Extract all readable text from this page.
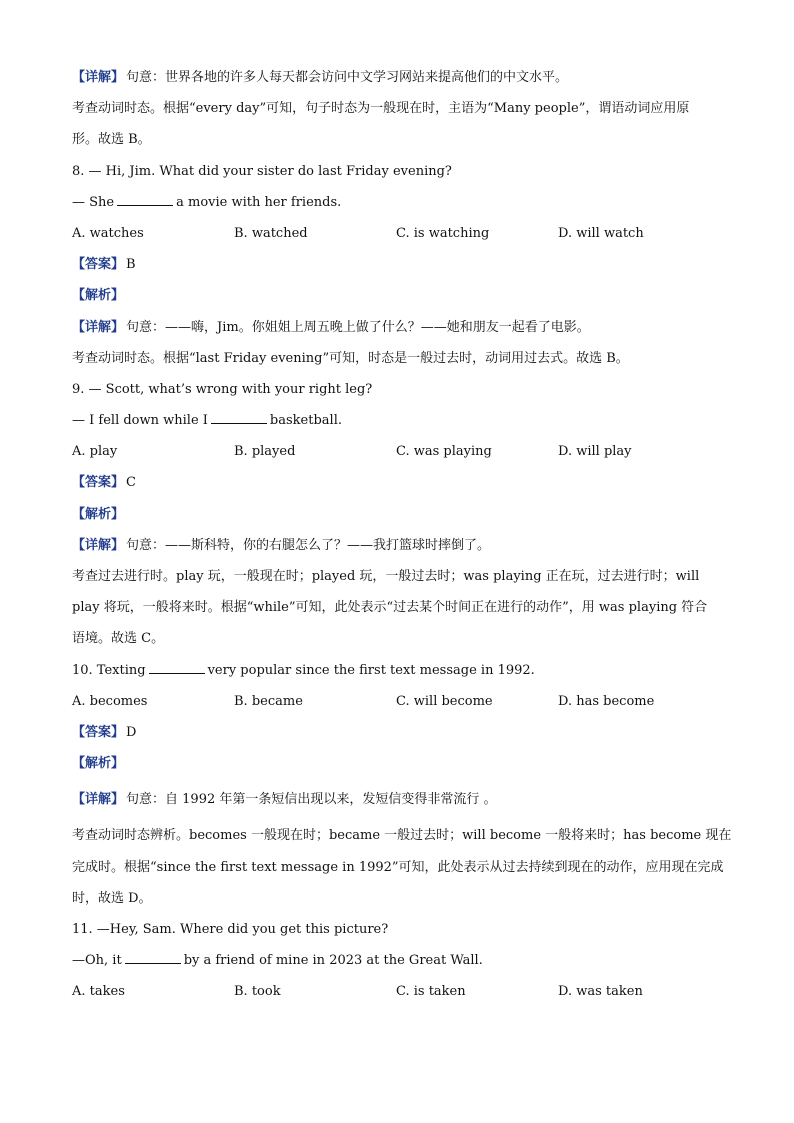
【详解】 句意：世界各地的许多人每天都会访问中文学习网站来提高他们的中文水平。
考查动词时态。根据“every day”可知，句子时态为一般现在时，主语为“Many people”，谓语动词应用原
形。故选 B。
8. — Hi, Jim. What did your sister do last Friday evening?
— She	a movie with her friends.
A. watches	B. watched	C. is watching	D. will watch
【答案】 B
【解析】
【详解】 句意：——嗨，Jim。你姐姐上周五晚上做了什么？——她和朋友一起看了电影。
考查动词时态。根据“last Friday evening”可知，时态是一般过去时，动词用过去式。故选 B。
9. — Scott, what’s wrong with your right leg?
— I fell down while I	basketball.
A. play	B. played	C. was playing	D. will play
【答案】 C
【解析】
【详解】 句意：——斯科特，你的右腿怎么了？——我打篮球时摔倒了。
考查过去进行时。play 玩，一般现在时；played 玩，一般过去时；was playing 正在玩，过去进行时；will
play 将玩，一般将来时。根据“while”可知，此处表示“过去某个时间正在进行的动作”，用 was playing 符合
语境。故选 C。
10. Texting	very popular since the first text message in 1992.
A. becomes	B. became	C. will become	D. has become
【答案】 D
【解析】
【详解】 句意：自 1992 年第一条短信出现以来，发短信变得非常流行 。
考查动词时态辨析。becomes 一般现在时；became 一般过去时；will become 一般将来时；has become 现在
完成时。根据“since the first text message in 1992”可知，此处表示从过去持续到现在的动作，应用现在完成
时，故选 D。
11. —Hey, Sam. Where did you get this picture?
—Oh, it	by a friend of mine in 2023 at the Great Wall.
A. takes	B. took	C. is taken	D. was taken
